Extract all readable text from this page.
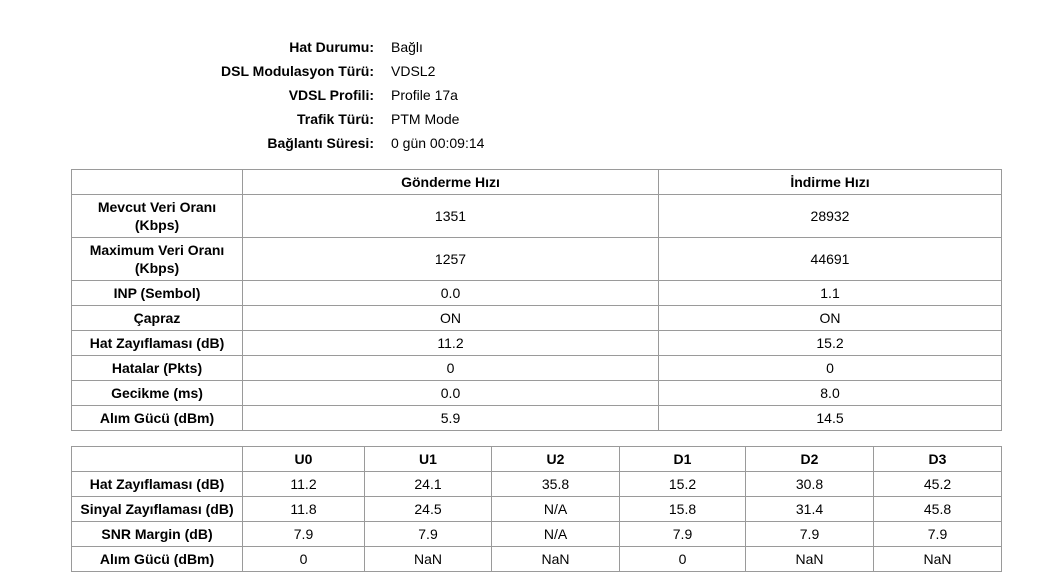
Hat Durumu:	Bağlı
DSL Modulasyon Türü:	VDSL2
VDSL Profili:	Profile 17a
Trafik Türü:	PTM Mode
Bağlantı Süresi:	0 gün 00:09:14
	Gönderme Hızı	İndirme Hızı
Mevcut Veri Oranı (Kbps)	1351	28932
Maximum Veri Oranı (Kbps)	1257	44691
INP (Sembol)	0.0	1.1
Çapraz	ON	ON
Hat Zayıflaması (dB)	11.2	15.2
Hatalar (Pkts)	0	0
Gecikme (ms)	0.0	8.0
Alım Gücü (dBm)	5.9	14.5
	U0	U1	U2	D1	D2	D3
Hat Zayıflaması (dB)	11.2	24.1	35.8	15.2	30.8	45.2
Sinyal Zayıflaması (dB)	11.8	24.5	N/A	15.8	31.4	45.8
SNR Margin (dB)	7.9	7.9	N/A	7.9	7.9	7.9
Alım Gücü (dBm)	0	NaN	NaN	0	NaN	NaN
